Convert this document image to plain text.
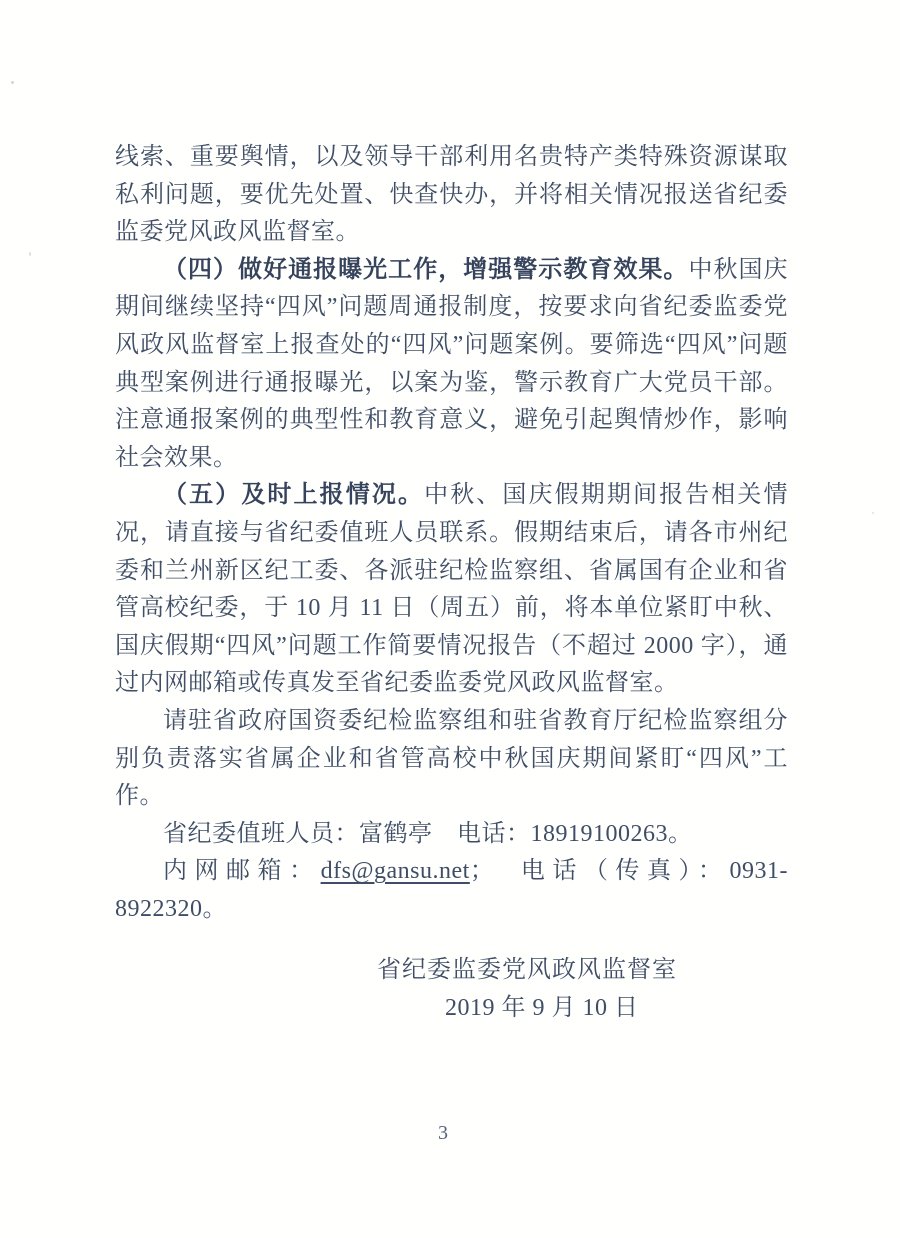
线索、重要舆情，以及领导干部利用名贵特产类特殊资源谋取私利问题，要优先处置、快查快办，并将相关情况报送省纪委监委党风政风监督室。

（四）做好通报曝光工作，增强警示教育效果。中秋国庆期间继续坚持“四风”问题周通报制度，按要求向省纪委监委党风政风监督室上报查处的“四风”问题案例。要筛选“四风”问题典型案例进行通报曝光，以案为鉴，警示教育广大党员干部。注意通报案例的典型性和教育意义，避免引起舆情炒作，影响社会效果。

（五）及时上报情况。中秋、国庆假期期间报告相关情况，请直接与省纪委值班人员联系。假期结束后，请各市州纪委和兰州新区纪工委、各派驻纪检监察组、省属国有企业和省管高校纪委，于 10 月 11 日（周五）前，将本单位紧盯中秋、国庆假期“四风”问题工作简要情况报告（不超过 2000 字），通过内网邮箱或传真发至省纪委监委党风政风监督室。

请驻省政府国资委纪检监察组和驻省教育厅纪检监察组分别负责落实省属企业和省管高校中秋国庆期间紧盯“四风”工作。

省纪委值班人员：富鹤亭　电话：18919100263。

内网邮箱：dfs@gansu.net；　电话（传真）：0931-8922320。

省纪委监委党风政风监督室
2019 年 9 月 10 日
3
